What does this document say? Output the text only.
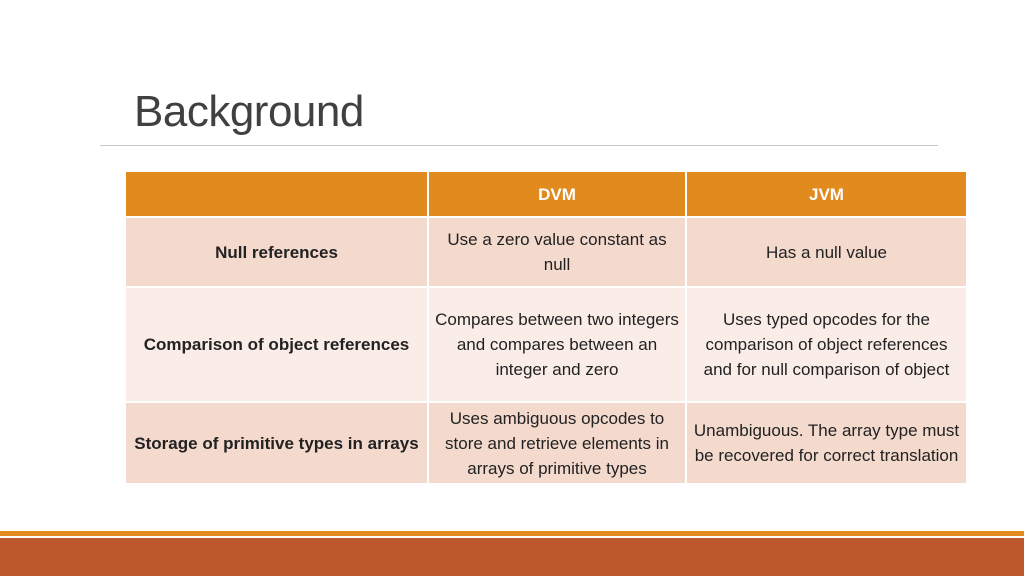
Background
	DVM	JVM
Null references	Use a zero value constant as null	Has a null value
Comparison of object references	Compares between two integers and compares between an integer and zero	Uses typed opcodes for the comparison of object references and for null comparison of object
Storage of primitive types in arrays	Uses ambiguous opcodes to store and retrieve elements in arrays of primitive types	Unambiguous. The array type must be recovered for correct translation
